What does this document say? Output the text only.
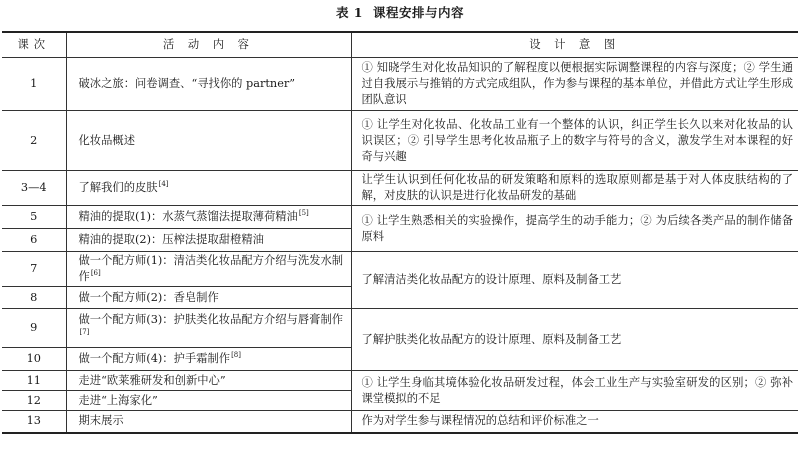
表 1 课程安排与内容
课次	活 动 内 容	设 计 意 图
1	破冰之旅：问卷调查、“寻找你的 partner”	① 知晓学生对化妆品知识的了解程度以便根据实际调整课程的内容与深度；② 学生通过自我展示与推销的方式完成组队，作为参与课程的基本单位，并借此方式让学生形成团队意识
2	化妆品概述	① 让学生对化妆品、化妆品工业有一个整体的认识，纠正学生长久以来对化妆品的认识误区；② 引导学生思考化妆品瓶子上的数字与符号的含义，激发学生对本课程的好奇与兴趣
3—4	了解我们的皮肤[4]	让学生认识到任何化妆品的研发策略和原料的选取原则都是基于对人体皮肤结构的了解，对皮肤的认识是进行化妆品研发的基础
5	精油的提取(1)：水蒸气蒸馏法提取薄荷精油[5]	① 让学生熟悉相关的实验操作，提高学生的动手能力；② 为后续各类产品的制作储备原料
6	精油的提取(2)：压榨法提取甜橙精油	
7	做一个配方师(1)：清洁类化妆品配方介绍与洗发水制作[6]	了解清洁类化妆品配方的设计原理、原料及制备工艺
8	做一个配方师(2)：香皂制作	
9	做一个配方师(3)：护肤类化妆品配方介绍与唇膏制作[7]	了解护肤类化妆品配方的设计原理、原料及制备工艺
10	做一个配方师(4)：护手霜制作[8]
11	走进“欧莱雅研发和创新中心”	① 让学生身临其境体验化妆品研发过程，体会工业生产与实验室研发的区别；② 弥补课堂模拟的不足
12	走进“上海家化”	
13	期末展示	作为对学生参与课程情况的总结和评价标准之一
